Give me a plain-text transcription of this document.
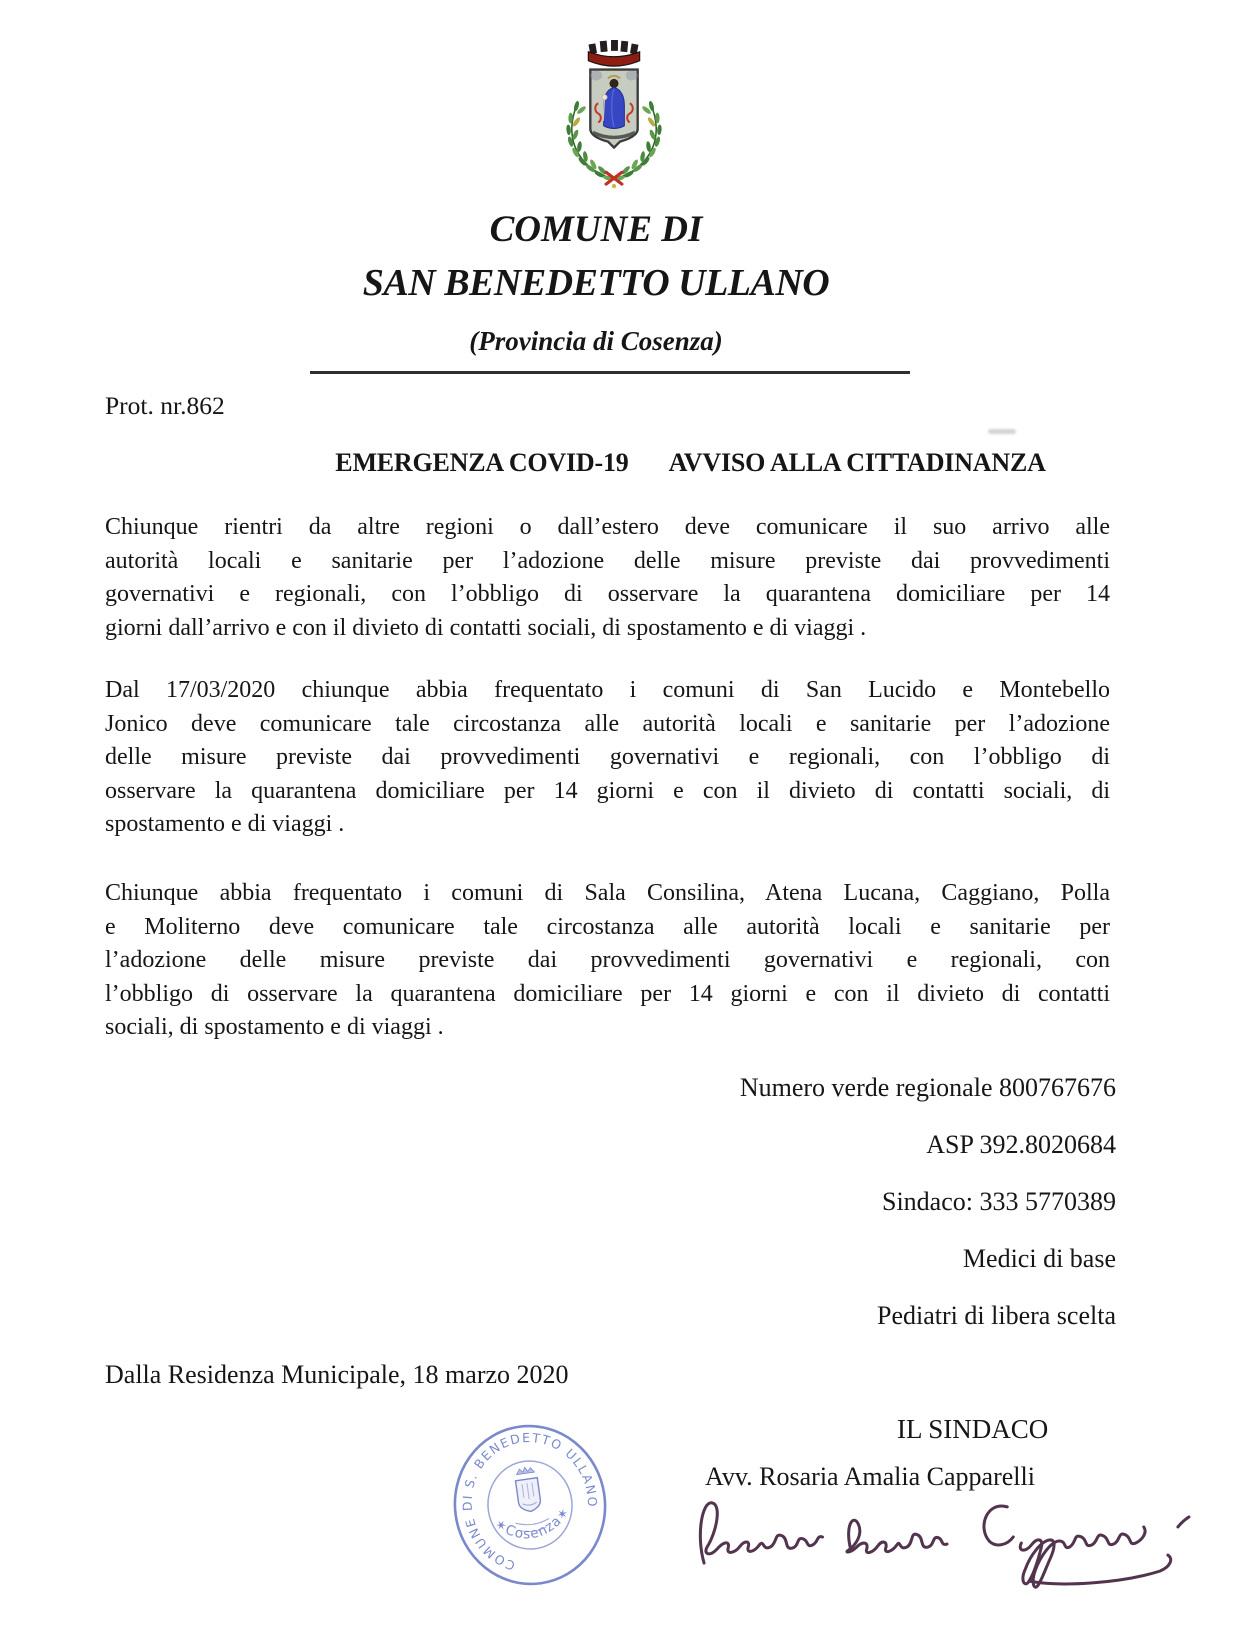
COMUNE DI
SAN BENEDETTO ULLANO
(Provincia di Cosenza)
Prot. nr.862
EMERGENZA COVID-19 AVVISO ALLA CITTADINANZA
Chiunque rientri da altre regioni o dall’estero deve comunicare il suo arrivo alle
autorità locali e sanitarie per l’adozione delle misure previste dai provvedimenti
governativi e regionali, con l’obbligo di osservare la quarantena domiciliare per 14
giorni dall’arrivo e con il divieto di contatti sociali, di spostamento e di viaggi .
Dal 17/03/2020 chiunque abbia frequentato i comuni di San Lucido e Montebello
Jonico deve comunicare tale circostanza alle autorità locali e sanitarie per l’adozione
delle misure previste dai provvedimenti governativi e regionali, con l’obbligo di
osservare la quarantena domiciliare per 14 giorni e con il divieto di contatti sociali, di
spostamento e di viaggi .
Chiunque abbia frequentato i comuni di Sala Consilina, Atena Lucana, Caggiano, Polla
e Moliterno deve comunicare tale circostanza alle autorità locali e sanitarie per
l’adozione delle misure previste dai provvedimenti governativi e regionali, con
l’obbligo di osservare la quarantena domiciliare per 14 giorni e con il divieto di contatti
sociali, di spostamento e di viaggi .
Numero verde regionale 800767676
ASP 392.8020684
Sindaco: 333 5770389
Medici di base
Pediatri di libera scelta
Dalla Residenza Municipale, 18 marzo 2020
IL SINDACO
Avv. Rosaria Amalia Capparelli
COMUNE DI S. BENEDETTO ULLANO
✶Cosenza✶
